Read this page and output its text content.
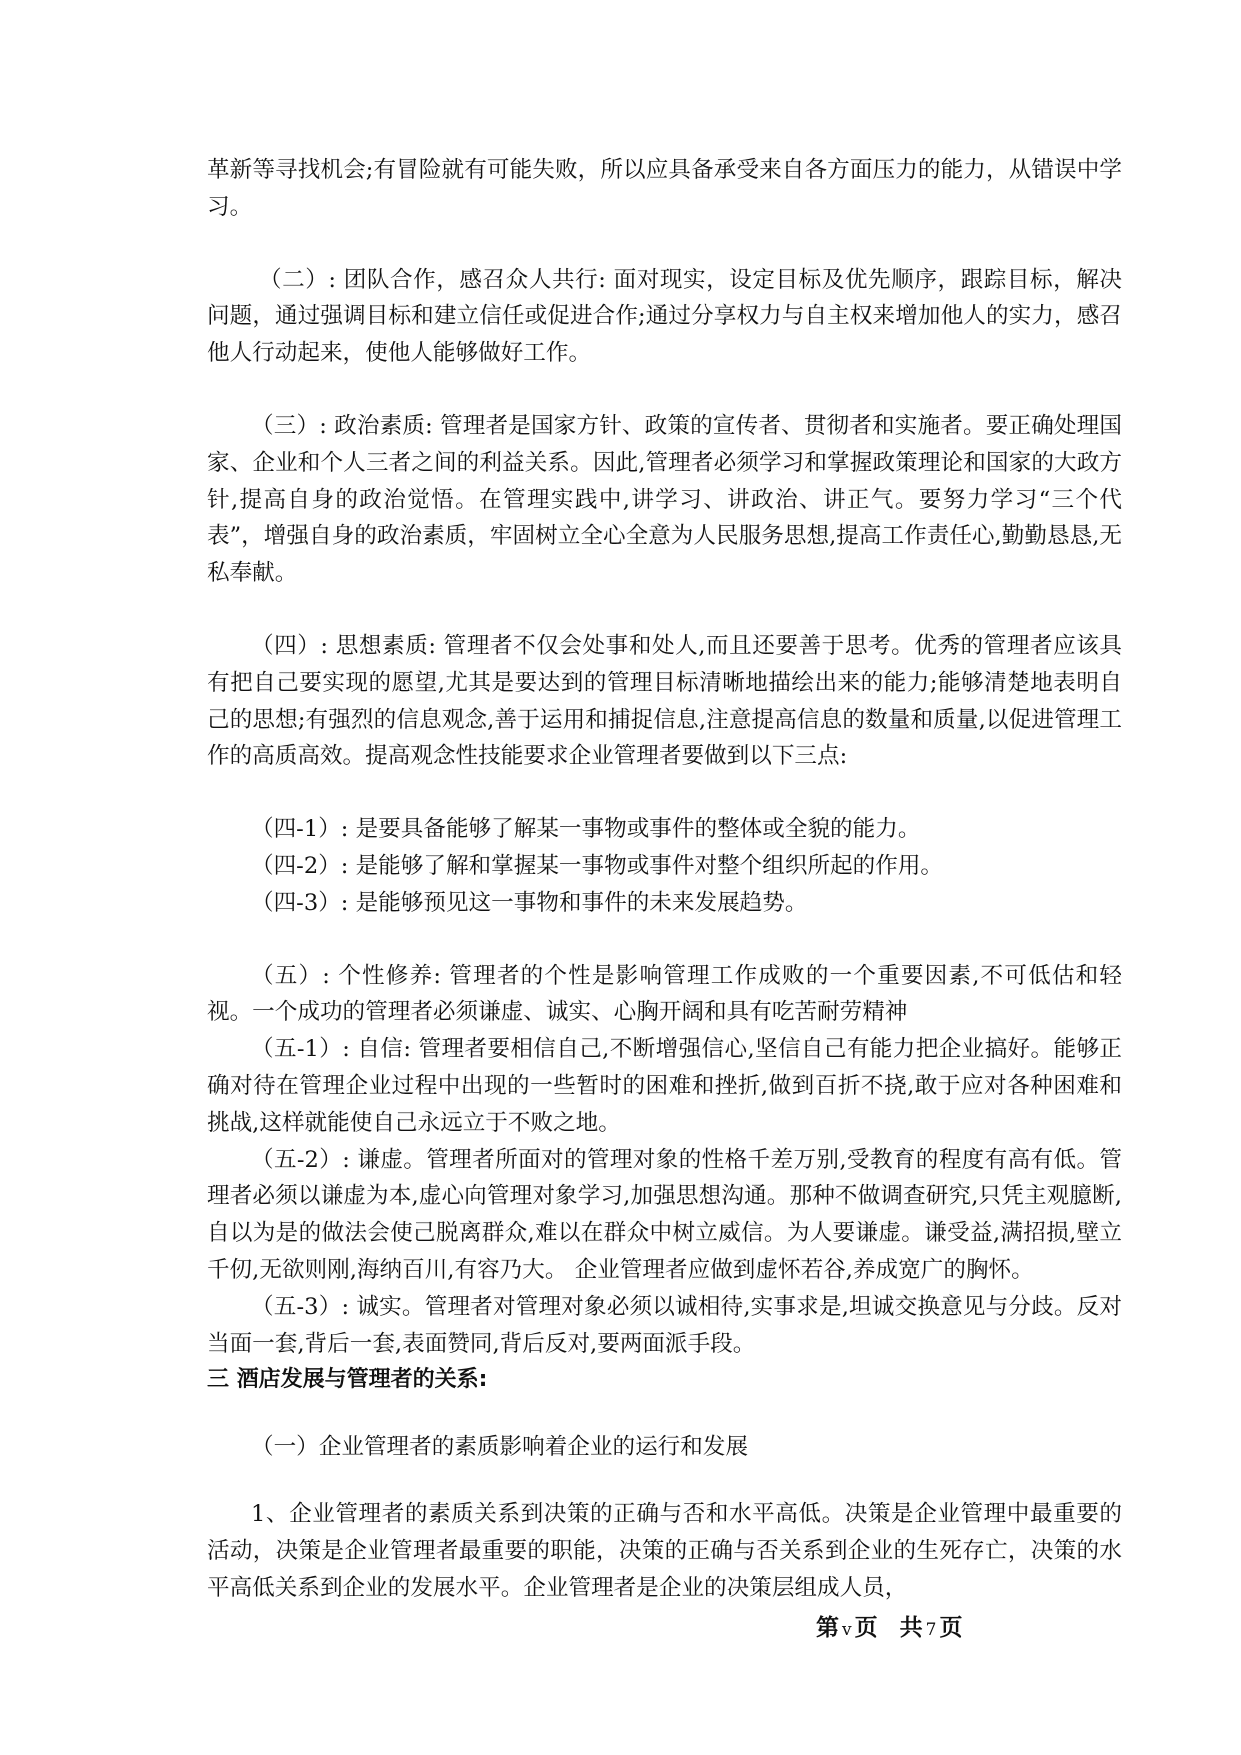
革新等寻找机会;有冒险就有可能失败，所以应具备承受来自各方面压力的能力，从错误中学习。

（二）: 团队合作，感召众人共行: 面对现实，设定目标及优先顺序，跟踪目标，解决问题，通过强调目标和建立信任或促进合作;通过分享权力与自主权来增加他人的实力，感召他人行动起来，使他人能够做好工作。

（三）: 政治素质: 管理者是国家方针、政策的宣传者、贯彻者和实施者。要正确处理国家、企业和个人三者之间的利益关系。因此,管理者必须学习和掌握政策理论和国家的大政方针,提高自身的政治觉悟。在管理实践中,讲学习、讲政治、讲正气。要努力学习“三个代表”，增强自身的政治素质，牢固树立全心全意为人民服务思想,提高工作责任心,勤勤恳恳,无私奉献。

（四）: 思想素质: 管理者不仅会处事和处人,而且还要善于思考。优秀的管理者应该具有把自己要实现的愿望,尤其是要达到的管理目标清晰地描绘出来的能力;能够清楚地表明自己的思想;有强烈的信息观念,善于运用和捕捉信息,注意提高信息的数量和质量,以促进管理工作的高质高效。提高观念性技能要求企业管理者要做到以下三点:

（四-1）: 是要具备能够了解某一事物或事件的整体或全貌的能力。

（四-2）: 是能够了解和掌握某一事物或事件对整个组织所起的作用。

（四-3）: 是能够预见这一事物和事件的未来发展趋势。

（五）: 个性修养: 管理者的个性是影响管理工作成败的一个重要因素,不可低估和轻视。一个成功的管理者必须谦虚、诚实、心胸开阔和具有吃苦耐劳精神

（五-1）: 自信: 管理者要相信自己,不断增强信心,坚信自己有能力把企业搞好。能够正确对待在管理企业过程中出现的一些暂时的困难和挫折,做到百折不挠,敢于应对各种困难和挑战,这样就能使自己永远立于不败之地。

（五-2）: 谦虚。管理者所面对的管理对象的性格千差万别,受教育的程度有高有低。管理者必须以谦虚为本,虚心向管理对象学习,加强思想沟通。那种不做调查研究,只凭主观臆断,自以为是的做法会使己脱离群众,难以在群众中树立威信。为人要谦虚。谦受益,满招损,壁立千仞,无欲则刚,海纳百川,有容乃大。 企业管理者应做到虚怀若谷,养成宽广的胸怀。

（五-3）: 诚实。管理者对管理对象必须以诚相待,实事求是,坦诚交换意见与分歧。反对当面一套,背后一套,表面赞同,背后反对,要两面派手段。

三 酒店发展与管理者的关系:

（一）企业管理者的素质影响着企业的运行和发展

1、企业管理者的素质关系到决策的正确与否和水平高低。决策是企业管理中最重要的活动，决策是企业管理者最重要的职能，决策的正确与否关系到企业的生死存亡，决策的水平高低关系到企业的发展水平。企业管理者是企业的决策层组成人员，

第 v 页 共 7 页
